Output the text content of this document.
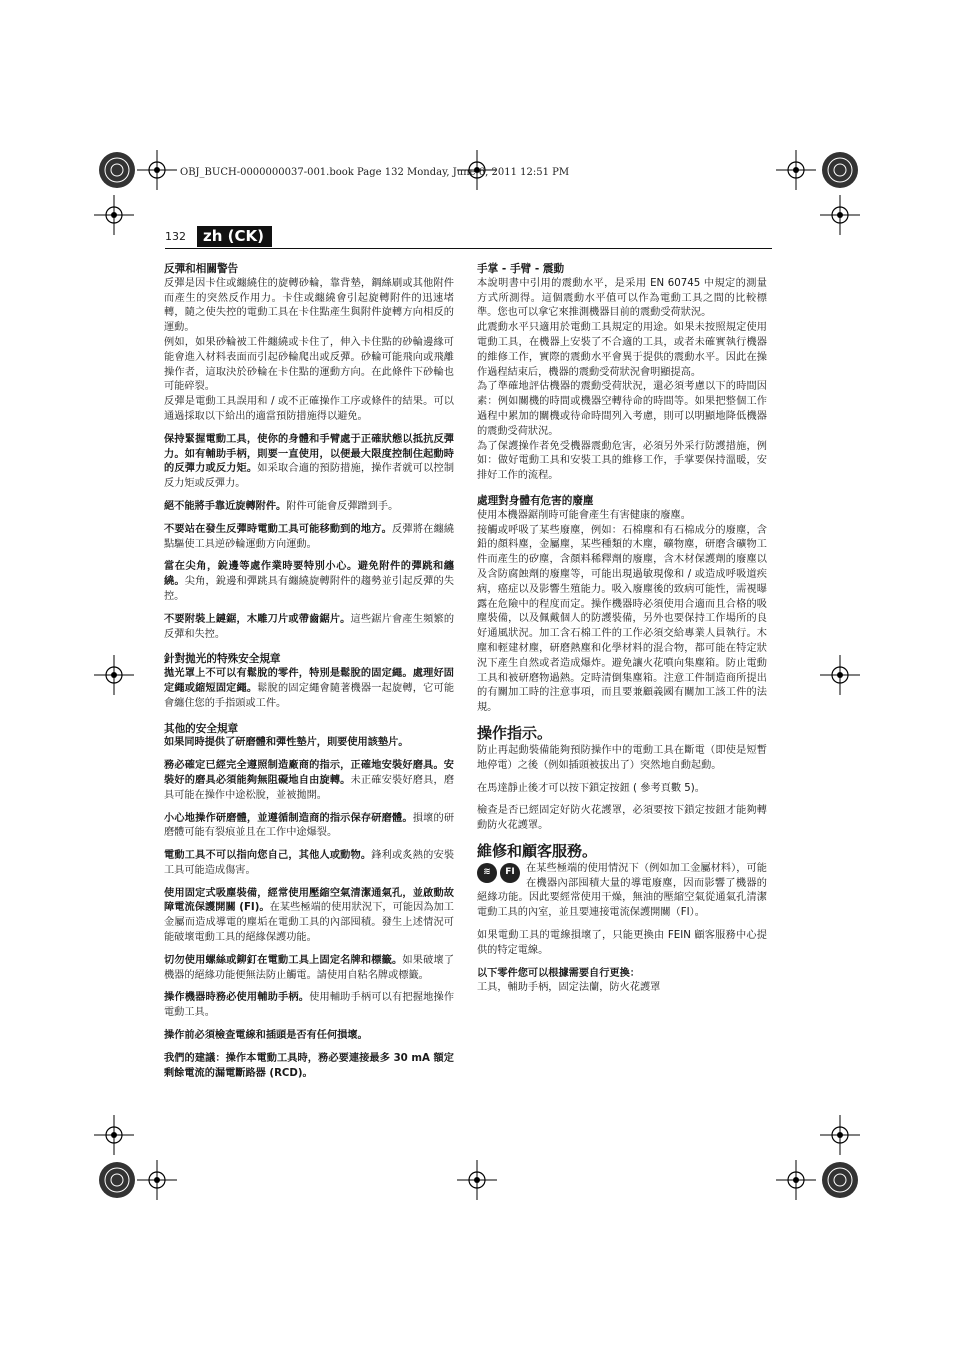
OBJ_BUCH-0000000037-001.book Page 132 Monday, June 6, 2011 12:51 PM
132	zh (CK)
反彈和相關警告
反彈是因卡住或纏繞住的旋轉砂輪，靠背墊，鋼絲刷或其他附件而產生的突然反作用力。卡住或纏繞會引起旋轉附件的迅速堵轉，隨之使失控的電動工具在卡住點產生與附件旋轉方向相反的運動。
例如，如果砂輪被工件纏繞或卡住了，伸入卡住點的砂輪邊緣可能會進入材料表面而引起砂輪爬出或反彈。砂輪可能飛向或飛離操作者，這取決於砂輪在卡住點的運動方向。在此條件下砂輪也可能碎裂。
反彈是電動工具誤用和 / 或不正確操作工序或條件的結果。可以通過採取以下給出的適當預防措施得以避免。
保持緊握電動工具，使你的身體和手臂處于正確狀態以抵抗反彈力。如有輔助手柄，則要一直使用，以便最大限度控制住起動時的反彈力或反力矩。如采取合適的預防措施，操作者就可以控制反力矩或反彈力。
絕不能將手靠近旋轉附件。附件可能會反彈蹭到手。
不要站在發生反彈時電動工具可能移動到的地方。反彈將在纏繞點驅使工具逆砂輪運動方向運動。
當在尖角，銳邊等處作業時要特別小心。避免附件的彈跳和纏繞。尖角，銳邊和彈跳具有纏繞旋轉附件的趨勢並引起反彈的失控。
不要附裝上鏈鋸，木雕刀片或帶齒鋸片。這些鋸片會產生頻繁的反彈和失控。
針對拋光的特殊安全規章
拋光罩上不可以有鬆脫的零件，特別是鬆脫的固定繩。處理好固定繩或縮短固定繩。鬆脫的固定繩會隨著機器一起旋轉，它可能會纏住您的手指頭或工件。
其他的安全規章
如果同時提供了研磨體和彈性墊片，則要使用該墊片。
務必確定已經完全遵照制造廠商的指示，正確地安裝好磨具。安裝好的磨具必須能夠無阻礙地自由旋轉。未正確安裝好磨具，磨具可能在操作中途松脫，並被拋開。
小心地操作研磨體，並遵循制造商的指示保存研磨體。損壞的研磨體可能有裂痕並且在工作中途爆裂。
電動工具不可以指向您自己，其他人或動物。鋒利或炙熱的安裝工具可能造成傷害。
使用固定式吸塵裝備，經常使用壓縮空氣清潔通氣孔，並啟動故障電流保護開關 (FI)。在某些極端的使用狀況下，可能因為加工金屬而造成導電的塵垢在電動工具的內部囤積。發生上述情況可能破壞電動工具的絕緣保護功能。
切勿使用螺絲或鉚釘在電動工具上固定名牌和標籤。如果破壞了機器的絕緣功能便無法防止觸電。請使用自粘名牌或標籤。
操作機器時務必使用輔助手柄。使用輔助手柄可以有把握地操作電動工具。
操作前必須檢查電線和插頭是否有任何損壞。
我們的建議：操作本電動工具時，務必要連接最多 30 mA 額定剩餘電流的漏電斷路器 (RCD)。
手掌 - 手臂 - 震動
本說明書中引用的震動水平，是采用 EN 60745 中規定的測量方式所測得。這個震動水平值可以作為電動工具之間的比較標準。您也可以拿它來推測機器目前的震動受荷狀況。
此震動水平只適用於電動工具規定的用途。如果未按照規定使用電動工具，在機器上安裝了不合適的工具，或者未確實執行機器的維修工作，實際的震動水平會異于提供的震動水平。因此在操作過程結束后，機器的震動受荷狀況會明顯提高。
為了準確地評估機器的震動受荷狀況，還必須考慮以下的時間因素：例如關機的時間或機器空轉待命的時間等。如果把整個工作過程中累加的關機或待命時間列入考慮，則可以明顯地降低機器的震動受荷狀況。
為了保護操作者免受機器震動危害，必須另外采行防護措施，例如：做好電動工具和安裝工具的維修工作，手掌要保持溫暖，安排好工作的流程。
處理對身體有危害的廢塵
使用本機器鋸削時可能會產生有害健康的廢塵。
接觸或呼吸了某些廢塵，例如：石棉塵和有石棉成分的廢塵，含鉛的顏料塵，金屬塵，某些種類的木塵，礦物塵，研磨含礦物工件而產生的矽塵，含顏料稀釋劑的廢塵，含木材保護劑的廢塵以及含防腐蝕劑的廢塵等，可能出現過敏現像和 / 或造成呼吸道疾病，癌症以及影響生殖能力。吸入廢塵後的致病可能性，需視曝露在危險中的程度而定。操作機器時必須使用合適而且合格的吸塵裝備，以及佩戴個人的防護裝備，另外也要保持工作場所的良好通風狀況。加工含石棉工件的工作必須交給專業人員執行。木塵和輕建材塵，研磨熱塵和化學材料的混合物，都可能在特定狀況下產生自然或者造成爆炸。避免讓火花噴向集塵箱。防止電動工具和被研磨物過熱。定時清倒集塵箱。注意工件制造商所提出的有關加工時的注意事項，而且要兼顧義國有關加工該工件的法規。
操作指示。
防止再起動裝備能夠預防操作中的電動工具在斷電（即使是短暫地停電）之後（例如插頭被拔出了）突然地自動起動。
在馬達靜止後才可以按下鎖定按鈕 ( 參考頁數 5)。
檢查是否已經固定好防火花護罩，必須要按下鎖定按鈕才能夠轉動防火花護罩。
維修和顧客服務。
≋ FI 在某些極端的使用情況下（例如加工金屬材料），可能在機器內部囤積大量的導電廢塵，因而影響了機器的絕緣功能。因此要經常使用干燥，無油的壓縮空氣從通氣孔清潔電動工具的內室，並且要連接電流保護開關（FI）。
如果電動工具的電線損壞了，只能更換由 FEIN 顧客服務中心提供的特定電線。
以下零件您可以根據需要自行更換：
工具，輔助手柄，固定法蘭，防火花護罩
